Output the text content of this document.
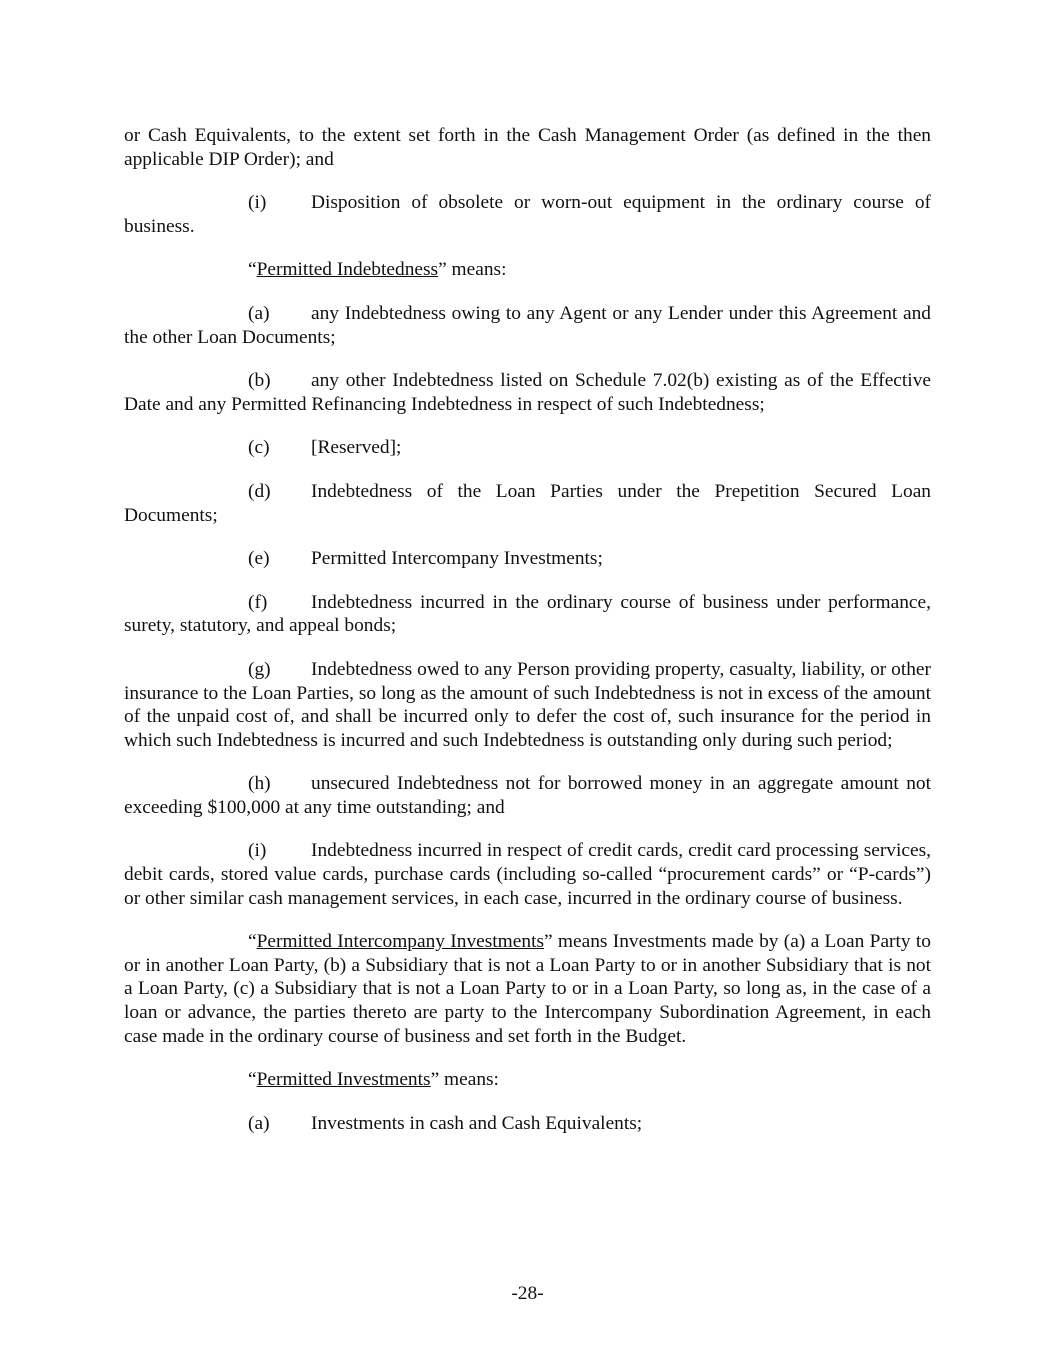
or Cash Equivalents, to the extent set forth in the Cash Management Order (as defined in the then applicable DIP Order); and

(i) Disposition of obsolete or worn-out equipment in the ordinary course of business.

“Permitted Indebtedness” means:

(a) any Indebtedness owing to any Agent or any Lender under this Agreement and the other Loan Documents;

(b) any other Indebtedness listed on Schedule 7.02(b) existing as of the Effective Date and any Permitted Refinancing Indebtedness in respect of such Indebtedness;

(c) [Reserved];

(d) Indebtedness of the Loan Parties under the Prepetition Secured Loan Documents;

(e) Permitted Intercompany Investments;

(f) Indebtedness incurred in the ordinary course of business under performance, surety, statutory, and appeal bonds;

(g) Indebtedness owed to any Person providing property, casualty, liability, or other insurance to the Loan Parties, so long as the amount of such Indebtedness is not in excess of the amount of the unpaid cost of, and shall be incurred only to defer the cost of, such insurance for the period in which such Indebtedness is incurred and such Indebtedness is outstanding only during such period;

(h) unsecured Indebtedness not for borrowed money in an aggregate amount not exceeding $100,000 at any time outstanding; and

(i) Indebtedness incurred in respect of credit cards, credit card processing services, debit cards, stored value cards, purchase cards (including so-called “procurement cards” or “P-cards”) or other similar cash management services, in each case, incurred in the ordinary course of business.

“Permitted Intercompany Investments” means Investments made by (a) a Loan Party to or in another Loan Party, (b) a Subsidiary that is not a Loan Party to or in another Subsidiary that is not a Loan Party, (c) a Subsidiary that is not a Loan Party to or in a Loan Party, so long as, in the case of a loan or advance, the parties thereto are party to the Intercompany Subordination Agreement, in each case made in the ordinary course of business and set forth in the Budget.

“Permitted Investments” means:

(a) Investments in cash and Cash Equivalents;

-28-
